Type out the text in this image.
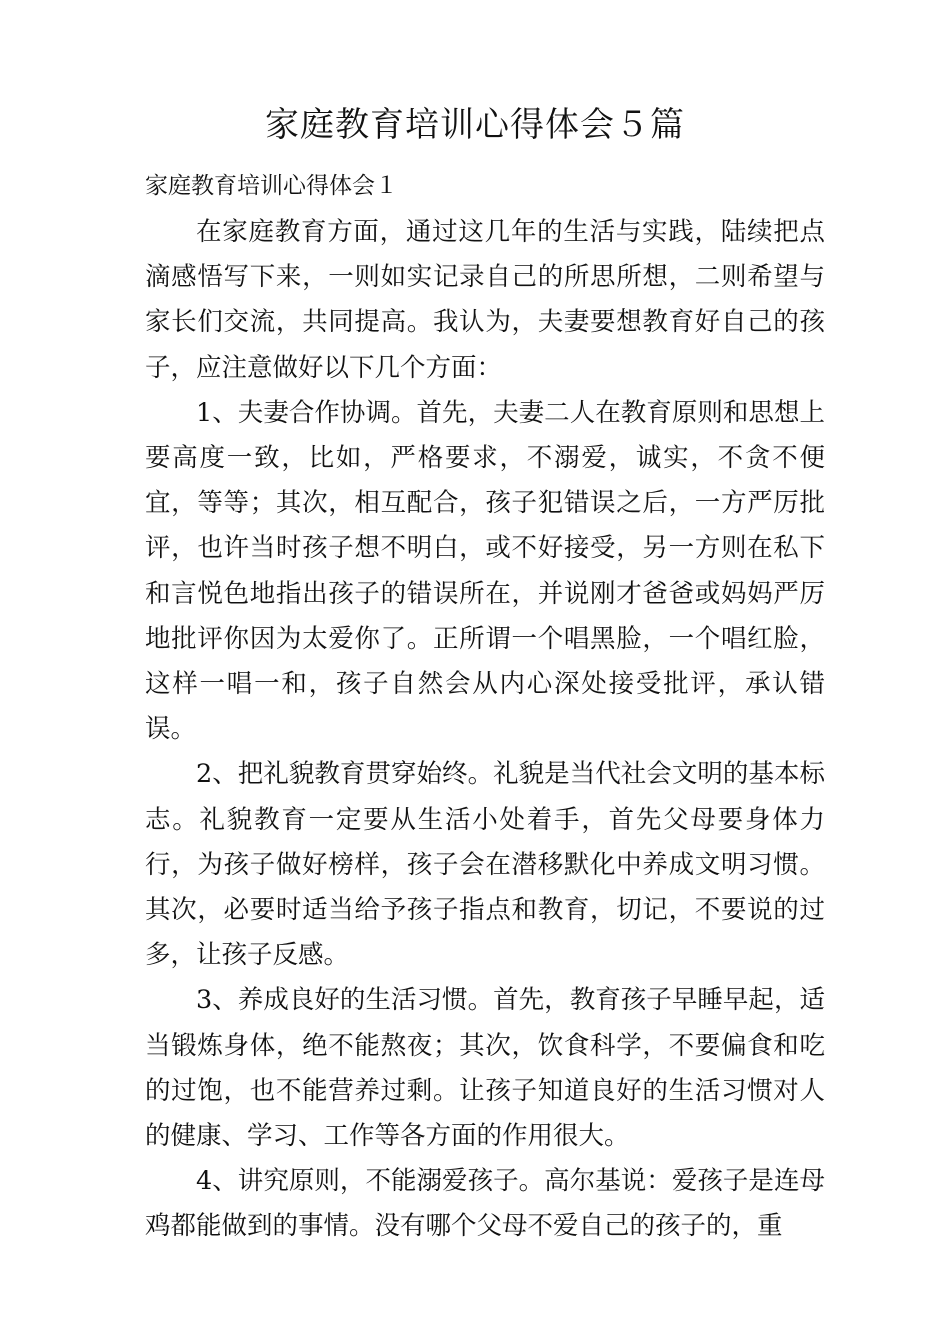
家庭教育培训心得体会５篇
家庭教育培训心得体会１

在家庭教育方面，通过这几年的生活与实践，陆续把点滴感悟写下来，一则如实记录自己的所思所想，二则希望与家长们交流，共同提高。我认为，夫妻要想教育好自己的孩子，应注意做好以下几个方面：

1、夫妻合作协调。首先，夫妻二人在教育原则和思想上要高度一致，比如，严格要求，不溺爱，诚实，不贪不便宜，等等；其次，相互配合，孩子犯错误之后，一方严厉批评，也许当时孩子想不明白，或不好接受，另一方则在私下和言悦色地指出孩子的错误所在，并说刚才爸爸或妈妈严厉地批评你因为太爱你了。正所谓一个唱黑脸，一个唱红脸，这样一唱一和，孩子自然会从内心深处接受批评，承认错误。

2、把礼貌教育贯穿始终。礼貌是当代社会文明的基本标志。礼貌教育一定要从生活小处着手，首先父母要身体力行，为孩子做好榜样，孩子会在潜移默化中养成文明习惯。其次，必要时适当给予孩子指点和教育，切记，不要说的过多，让孩子反感。

3、养成良好的生活习惯。首先，教育孩子早睡早起，适当锻炼身体，绝不能熬夜；其次，饮食科学，不要偏食和吃的过饱，也不能营养过剩。让孩子知道良好的生活习惯对人的健康、学习、工作等各方面的作用很大。

4、讲究原则，不能溺爱孩子。高尔基说：爱孩子是连母鸡都能做到的事情。没有哪个父母不爱自己的孩子的，重
